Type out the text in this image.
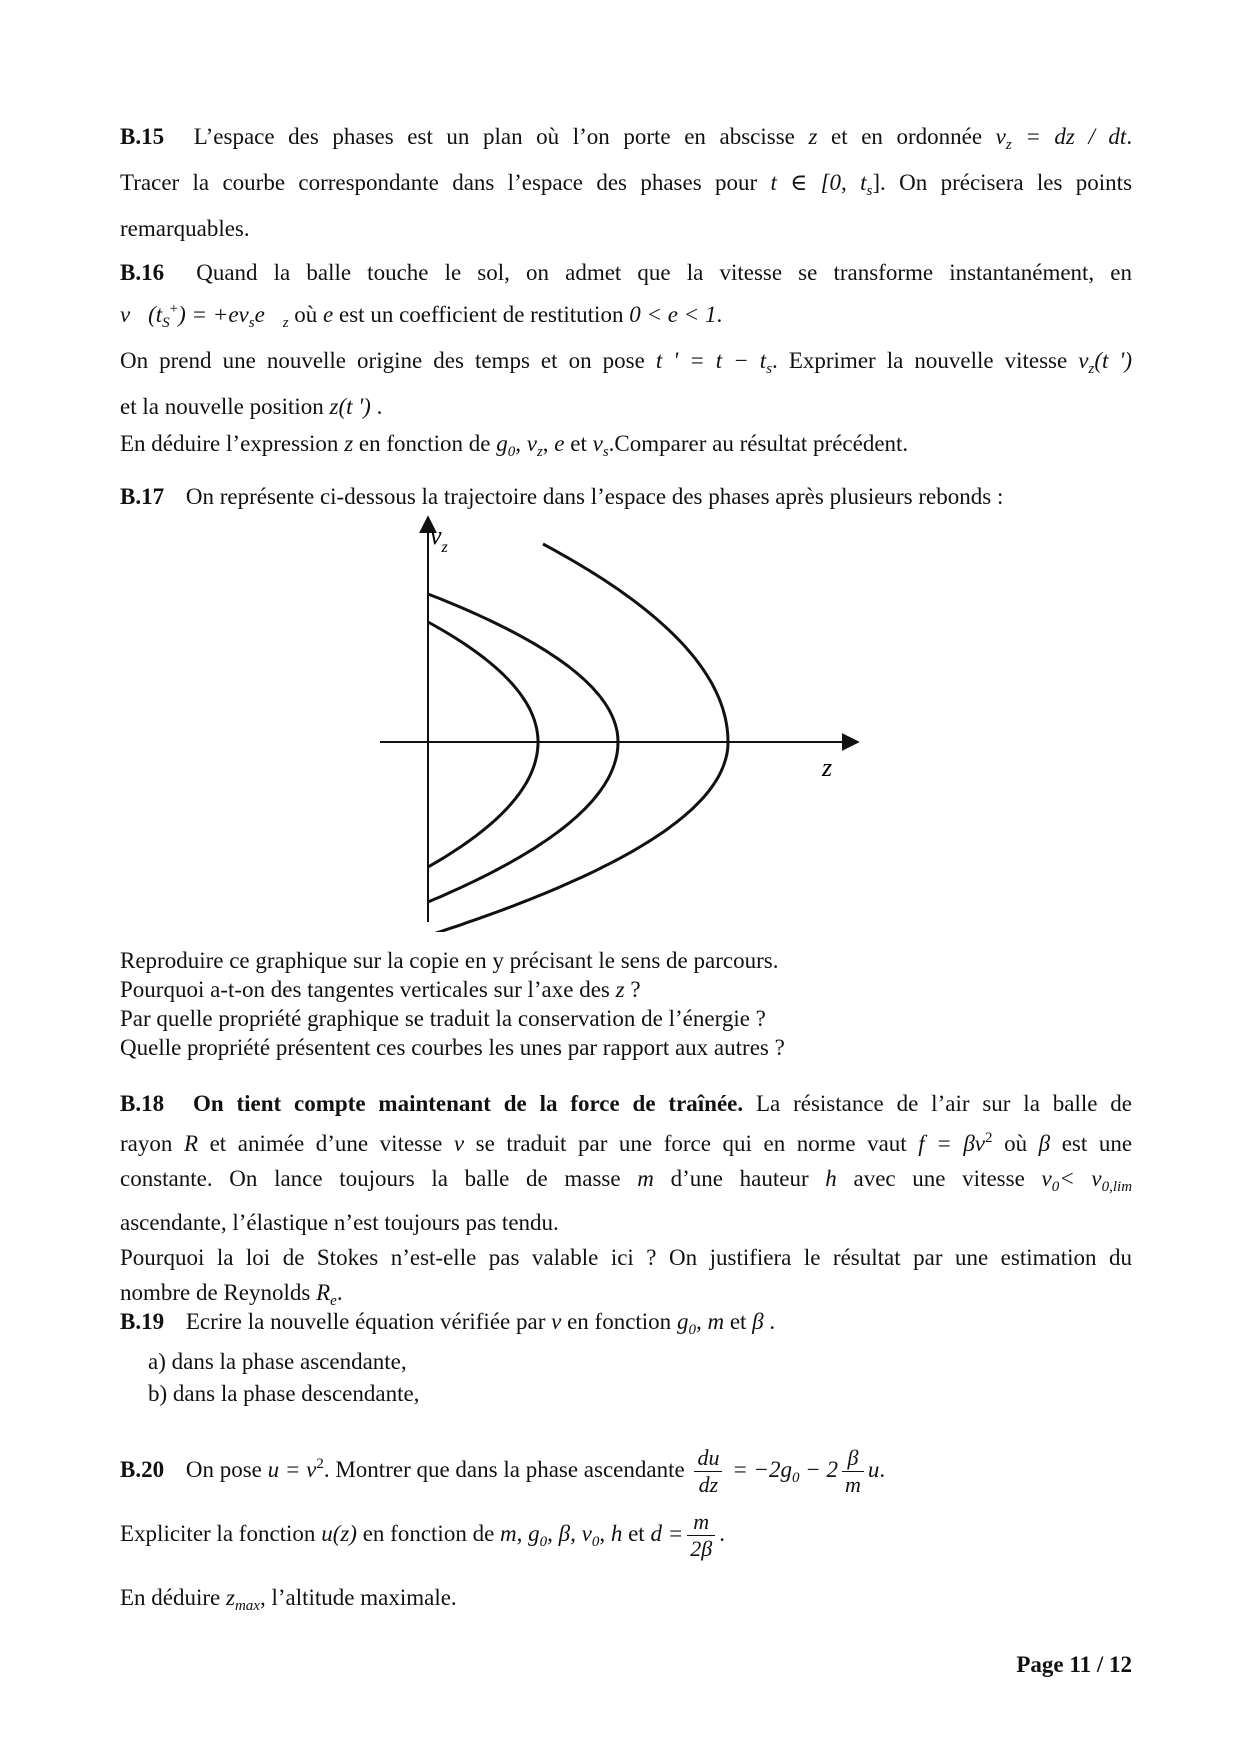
B.15 L’espace des phases est un plan où l’on porte en abscisse z et en ordonnée $v_z$ = dz / dt.
Tracer la courbe correspondante dans l’espace des phases pour t ∈ [0, $t_s$]. On précisera les points
remarquables.
B.16 Quand la balle touche le sol, on admet que la vitesse se transforme instantanément, en
$v⃗(t_S^+)$ = $+ev_se⃗_z$ où e est un coefficient de restitution 0 < e < 1.
On prend une nouvelle origine des temps et on pose t ' = $t - t_s$. Exprimer la nouvelle vitesse $v_z(t$ ')
et la nouvelle position z(t ') .
En déduire l’expression z en fonction de $g_0$, $v_z$, e et $v_s.Comparer$ au résultat précédent.
B.17 On représente ci-dessous la trajectoire dans l’espace des phases après plusieurs rebonds :
$v_z$
z
Reproduire ce graphique sur la copie en y précisant le sens de parcours.
Pourquoi a-t-on des tangentes verticales sur l’axe des z ?
Par quelle propriété graphique se traduit la conservation de l’énergie ?
Quelle propriété présentent ces courbes les unes par rapport aux autres ?
B.18 On tient compte maintenant de la force de traînée. La résistance de l’air sur la balle de
rayon R et animée d’une vitesse v se traduit par une force qui en norme vaut $f = \beta v^2$ où β est une
constante. On lance toujours la balle de masse m d’une hauteur h avec une vitesse $v_0< v_{0,lim}$
ascendante, l’élastique n’est toujours pas tendu.
Pourquoi la loi de Stokes n’est-elle pas valable ici ? On justifiera le résultat par une estimation du
nombre de Reynolds $R_e$.
B.19 Ecrire la nouvelle équation vérifiée par v en fonction $g_0$, m et β .
a) dans la phase ascendante,
b) dans la phase descendante,
B.20 On pose $u = v^2$. Montrer que dans la phase ascendante $\frac{du}{dz} = -2g_0 - 2 \frac{\beta}{m} u$.
Expliciter la fonction u(z) en fonction de m, $g_0$, β, $v_0$, h et $d = \frac{m}{2\beta}$ .
En déduire $z_{max}$, l’altitude maximale.
Page 11 / 12
